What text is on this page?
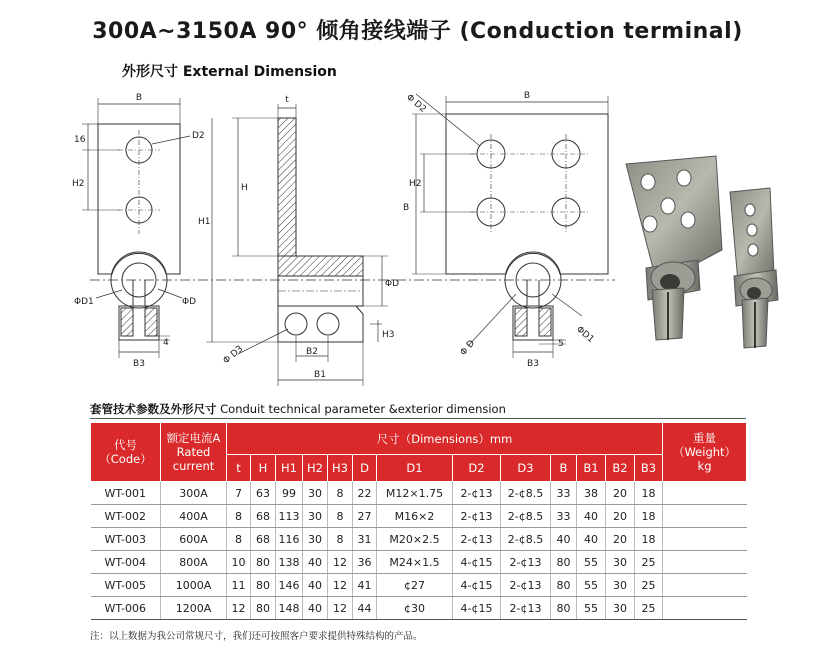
300A~3150A 90° 倾角接线端子 (Conduction terminal)
外形尺寸 External Dimension
B
16
H2
D2
ΦD1	ΦD
4
B3
t
H
H1
ΦD
H3
B2
B1
Φ D3
B
Φ D2
H2
B
Φ D
ΦD1
5
B3
套管技术参数及外形尺寸 Conduit technical parameter &exterior dimension
代号
（Code）	额定电流A
Rated
current	尺寸（Dimensions）mm													重量
（Weight）
kg
		t	H	H1	H2	H3	D	D1	D2	D3	B	B1	B2	B3	
WT-001	300A	7	63	99	30	8	22	M12×1.75	2-¢13	2-¢8.5	33	38	20	18	
WT-002	400A	8	68	113	30	8	27	M16×2	2-¢13	2-¢8.5	33	40	20	18	
WT-003	600A	8	68	116	30	8	31	M20×2.5	2-¢13	2-¢8.5	40	40	20	18	
WT-004	800A	10	80	138	40	12	36	M24×1.5	4-¢15	2-¢13	80	55	30	25	
WT-005	1000A	11	80	146	40	12	41	¢27	4-¢15	2-¢13	80	55	30	25	
WT-006	1200A	12	80	148	40	12	44	¢30	4-¢15	2-¢13	80	55	30	25	
注：以上数据为我公司常规尺寸，我们还可按照客户要求提供特殊结构的产品。
